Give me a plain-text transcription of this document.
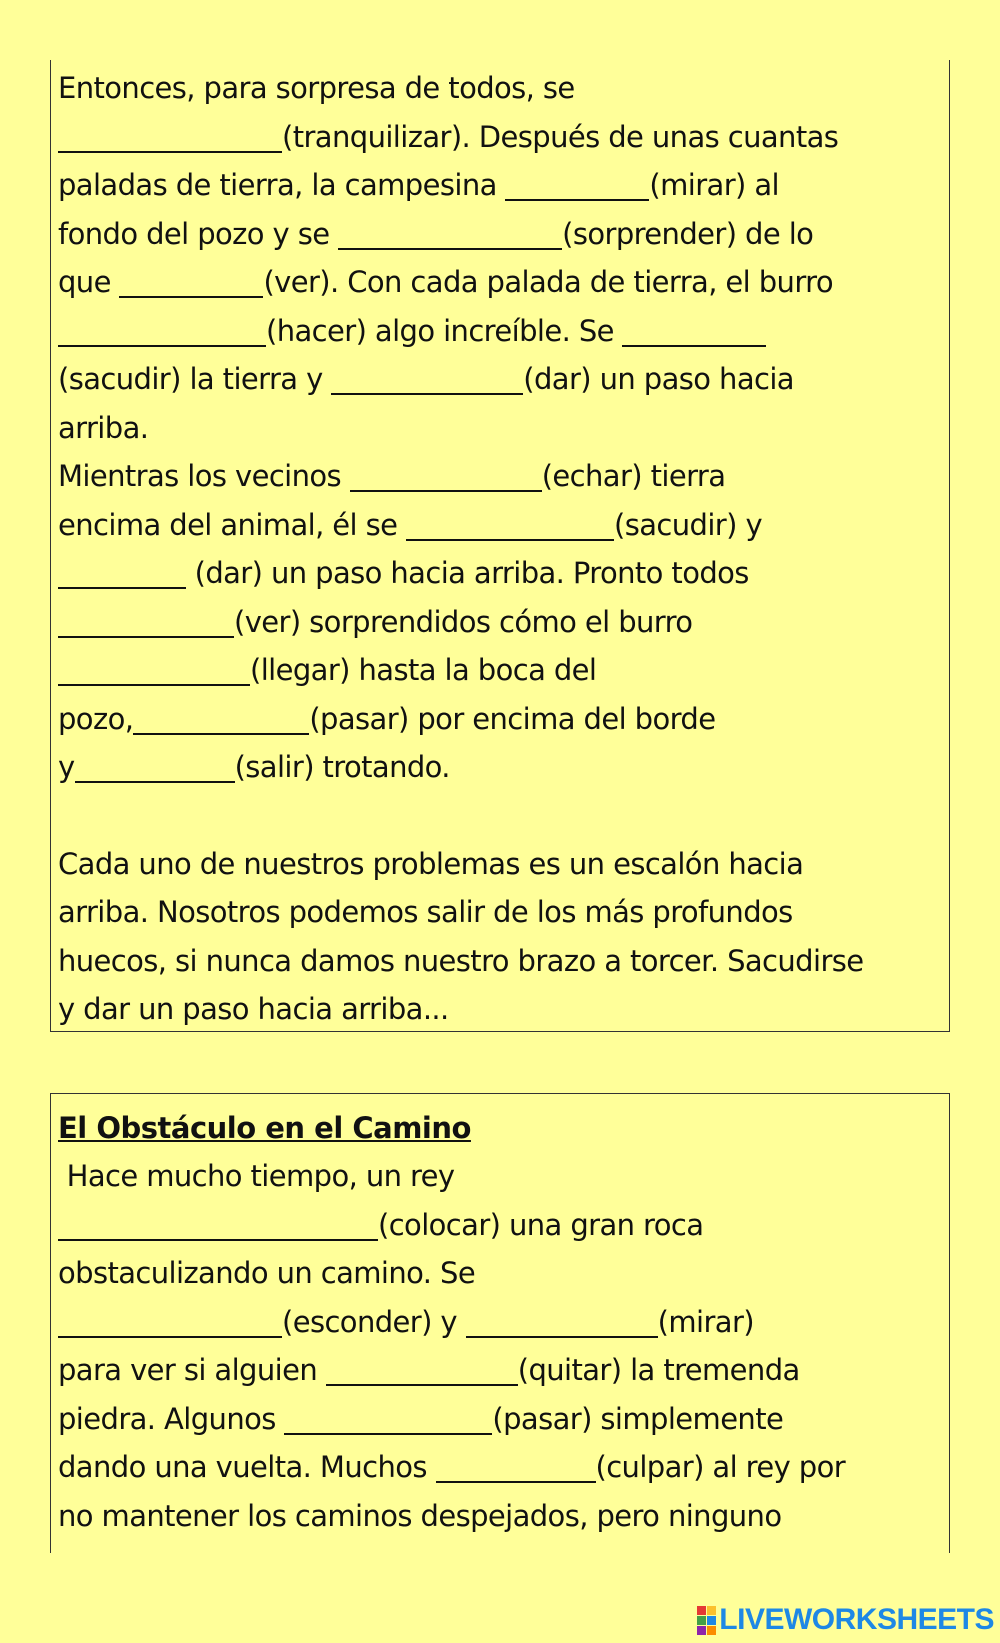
Entonces, para sorpresa de todos, se
(tranquilizar). Después de unas cuantas
paladas de tierra, la campesina	(mirar) al
fondo del pozo y se	(sorprender) de lo
que	(ver). Con cada palada de tierra, el burro
(hacer) algo increíble. Se
(sacudir) la tierra y	(dar) un paso hacia
arriba.
Mientras los vecinos	(echar) tierra
encima del animal, él se	(sacudir) y
(dar) un paso hacia arriba. Pronto todos
(ver) sorprendidos cómo el burro
(llegar) hasta la boca del
pozo,	(pasar) por encima del borde
y	(salir) trotando.
Cada uno de nuestros problemas es un escalón hacia
arriba. Nosotros podemos salir de los más profundos
huecos, si nunca damos nuestro brazo a torcer. Sacudirse
y dar un paso hacia arriba...
El Obstáculo en el Camino
Hace mucho tiempo, un rey
(colocar) una gran roca
obstaculizando un camino. Se
(esconder) y	(mirar)
para ver si alguien	(quitar) la tremenda
piedra. Algunos	(pasar) simplemente
dando una vuelta. Muchos	(culpar) al rey por
no mantener los caminos despejados, pero ninguno
LIVEWORKSHEETS
